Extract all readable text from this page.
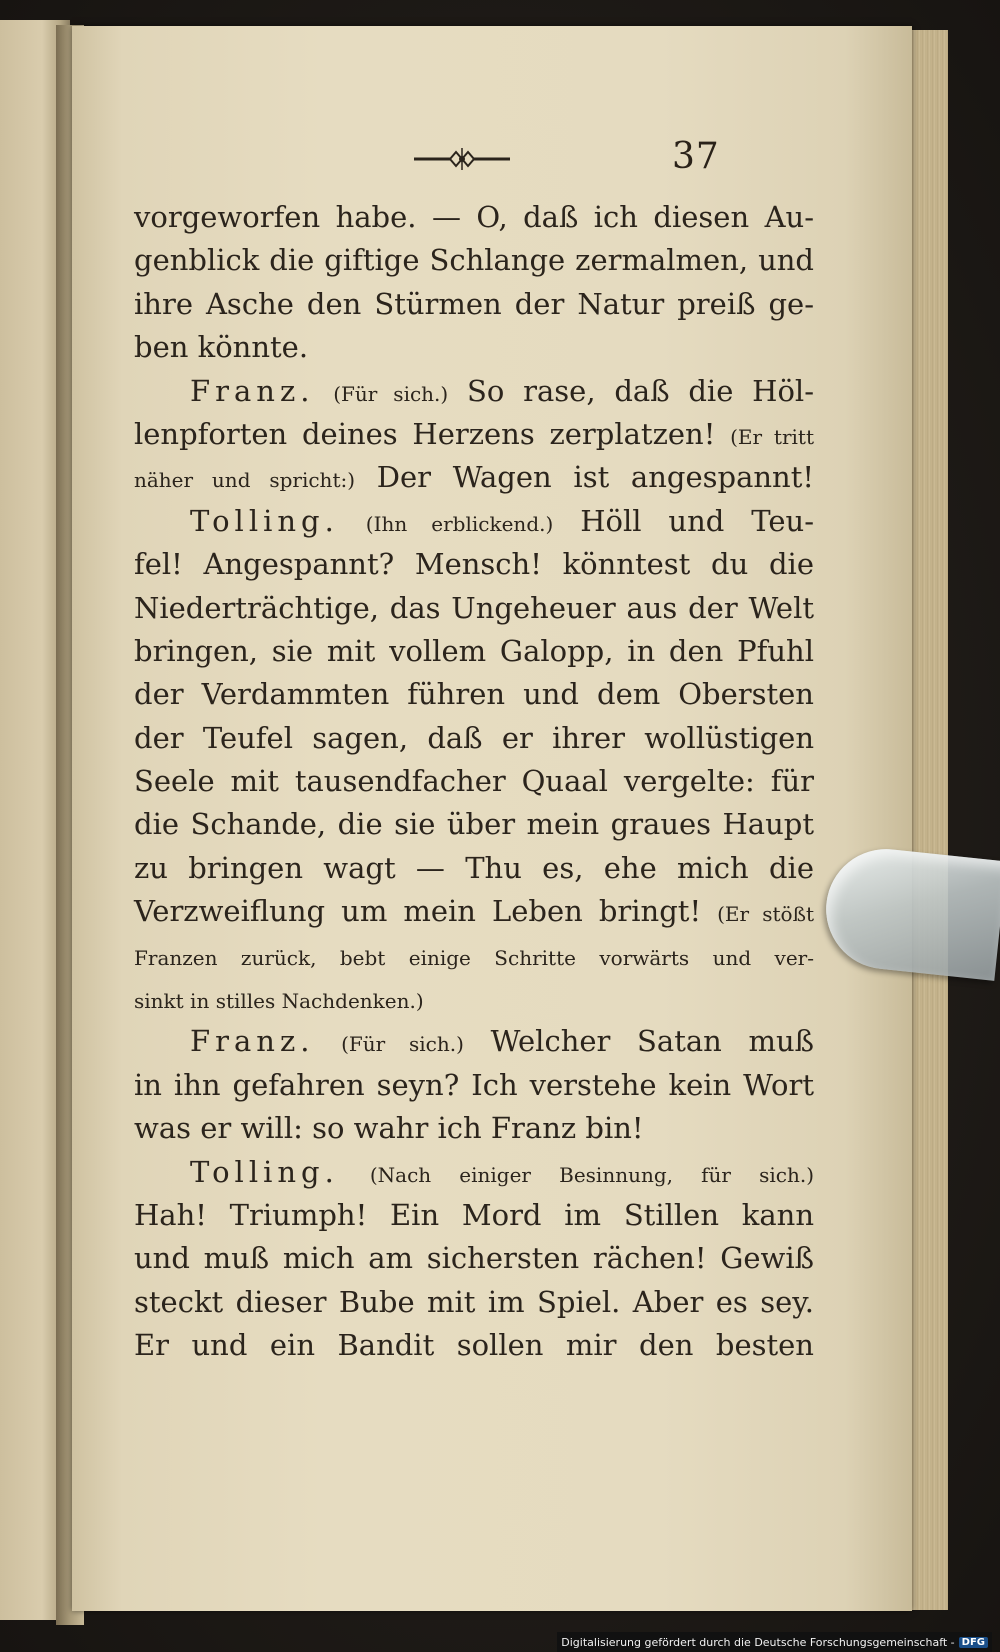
37
vorgeworfen habe. — O, daß ich diesen Au-
genblick die giftige Schlange zermalmen, und
ihre Asche den Stürmen der Natur preiß ge-
ben könnte.
Franz. (Für sich.) So rase, daß die Höl-
lenpforten deines Herzens zerplatzen! (Er tritt
näher und spricht:) Der Wagen ist angespannt!
Tolling. (Ihn erblickend.) Höll und Teu-
fel! Angespannt? Mensch! könntest du die
Niederträchtige, das Ungeheuer aus der Welt
bringen, sie mit vollem Galopp, in den Pfuhl
der Verdammten führen und dem Obersten
der Teufel sagen, daß er ihrer wollüstigen
Seele mit tausendfacher Quaal vergelte: für
die Schande, die sie über mein graues Haupt
zu bringen wagt — Thu es, ehe mich die
Verzweiflung um mein Leben bringt! (Er stößt
Franzen zurück, bebt einige Schritte vorwärts und ver-
sinkt in stilles Nachdenken.)
Franz. (Für sich.) Welcher Satan muß
in ihn gefahren seyn? Ich verstehe kein Wort
was er will: so wahr ich Franz bin!
Tolling. (Nach einiger Besinnung, für sich.)
Hah! Triumph! Ein Mord im Stillen kann
und muß mich am sichersten rächen! Gewiß
steckt dieser Bube mit im Spiel. Aber es sey.
Er und ein Bandit sollen mir den besten
Digitalisierung gefördert durch die Deutsche Forschungsgemeinschaft - DFG
